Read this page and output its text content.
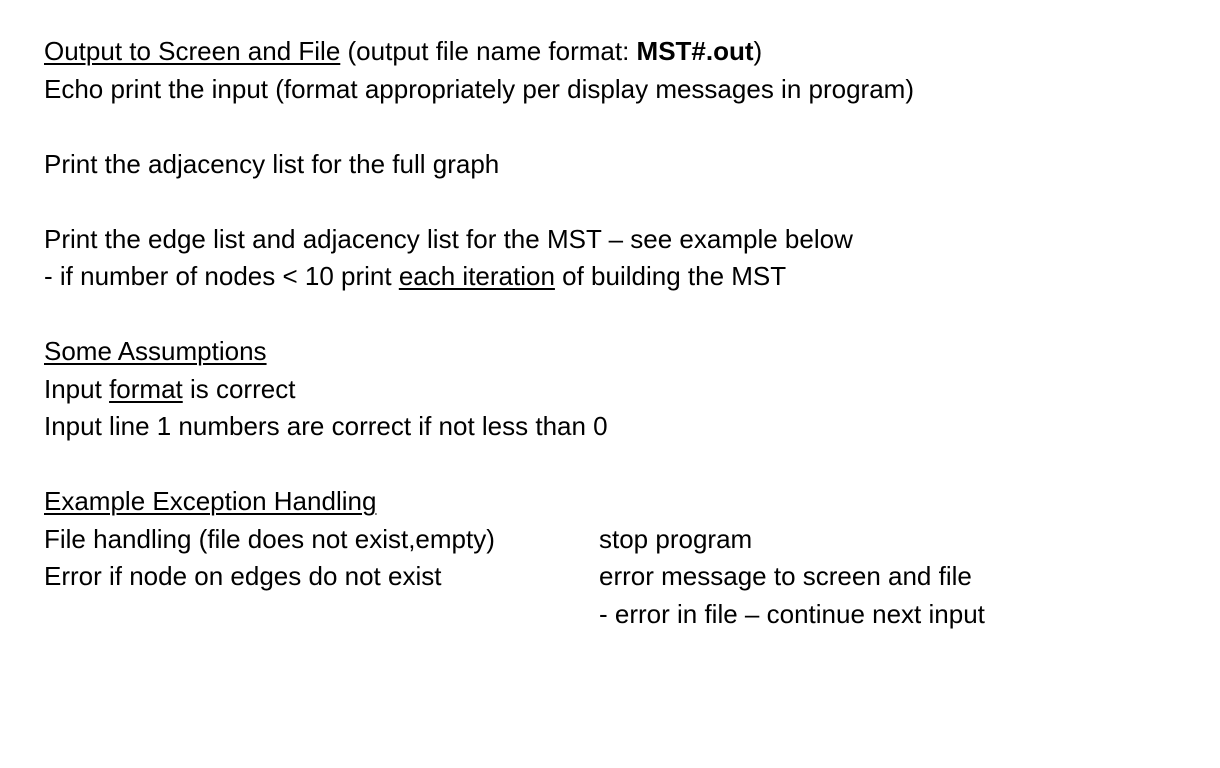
Output to Screen and File (output file name format: MST#.out)
Echo print the input (format appropriately per display messages in program)
Print the adjacency list for the full graph
Print the edge list and adjacency list for the MST – see example below
- if number of nodes < 10 print each iteration of building the MST
Some Assumptions
Input format is correct
Input line 1 numbers are correct if not less than 0
Example Exception Handling
File handling (file does not exist,empty)	stop program
Error if node on edges do not exist	error message to screen and file
- error in file – continue next input
